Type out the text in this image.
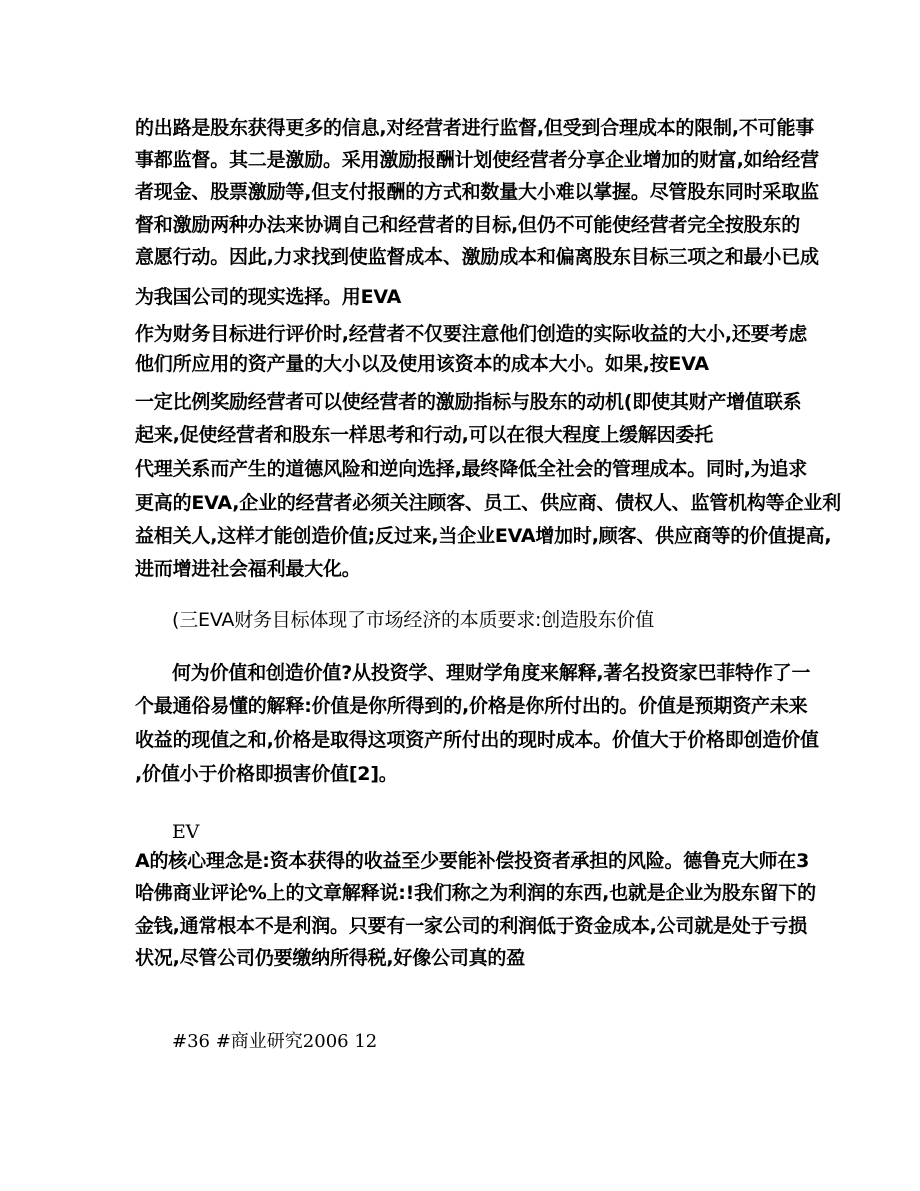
的出路是股东获得更多的信息,对经营者进行监督,但受到合理成本的限制,不可能事

事都监督。其二是激励。采用激励报酬计划使经营者分享企业增加的财富,如给经营

者现金、股票激励等,但支付报酬的方式和数量大小难以掌握。尽管股东同时采取监

督和激励两种办法来协调自己和经营者的目标,但仍不可能使经营者完全按股东的

意愿行动。因此,力求找到使监督成本、激励成本和偏离股东目标三项之和最小已成

为我国公司的现实选择。用EVA

作为财务目标进行评价时,经营者不仅要注意他们创造的实际收益的大小,还要考虑

他们所应用的资产量的大小以及使用该资本的成本大小。如果,按EVA

一定比例奖励经营者可以使经营者的激励指标与股东的动机(即使其财产增值联系

起来,促使经营者和股东一样思考和行动,可以在很大程度上缓解因委托

代理关系而产生的道德风险和逆向选择,最终降低全社会的管理成本。同时,为追求

更高的EVA,企业的经营者必须关注顾客、员工、供应商、债权人、监管机构等企业利

益相关人,这样才能创造价值;反过来,当企业EVA增加时,顾客、供应商等的价值提高,

进而增进社会福利最大化。

(三EVA财务目标体现了市场经济的本质要求:创造股东价值

何为价值和创造价值?从投资学、理财学角度来解释,著名投资家巴菲特作了一

个最通俗易懂的解释:价值是你所得到的,价格是你所付出的。价值是预期资产未来

收益的现值之和,价格是取得这项资产所付出的现时成本。价值大于价格即创造价值

,价值小于价格即损害价值[2]。

EV

A的核心理念是:资本获得的收益至少要能补偿投资者承担的风险。德鲁克大师在3

哈佛商业评论%上的文章解释说:!我们称之为利润的东西,也就是企业为股东留下的

金钱,通常根本不是利润。只要有一家公司的利润低于资金成本,公司就是处于亏损

状况,尽管公司仍要缴纳所得税,好像公司真的盈

#36 #商业研究2006 12
